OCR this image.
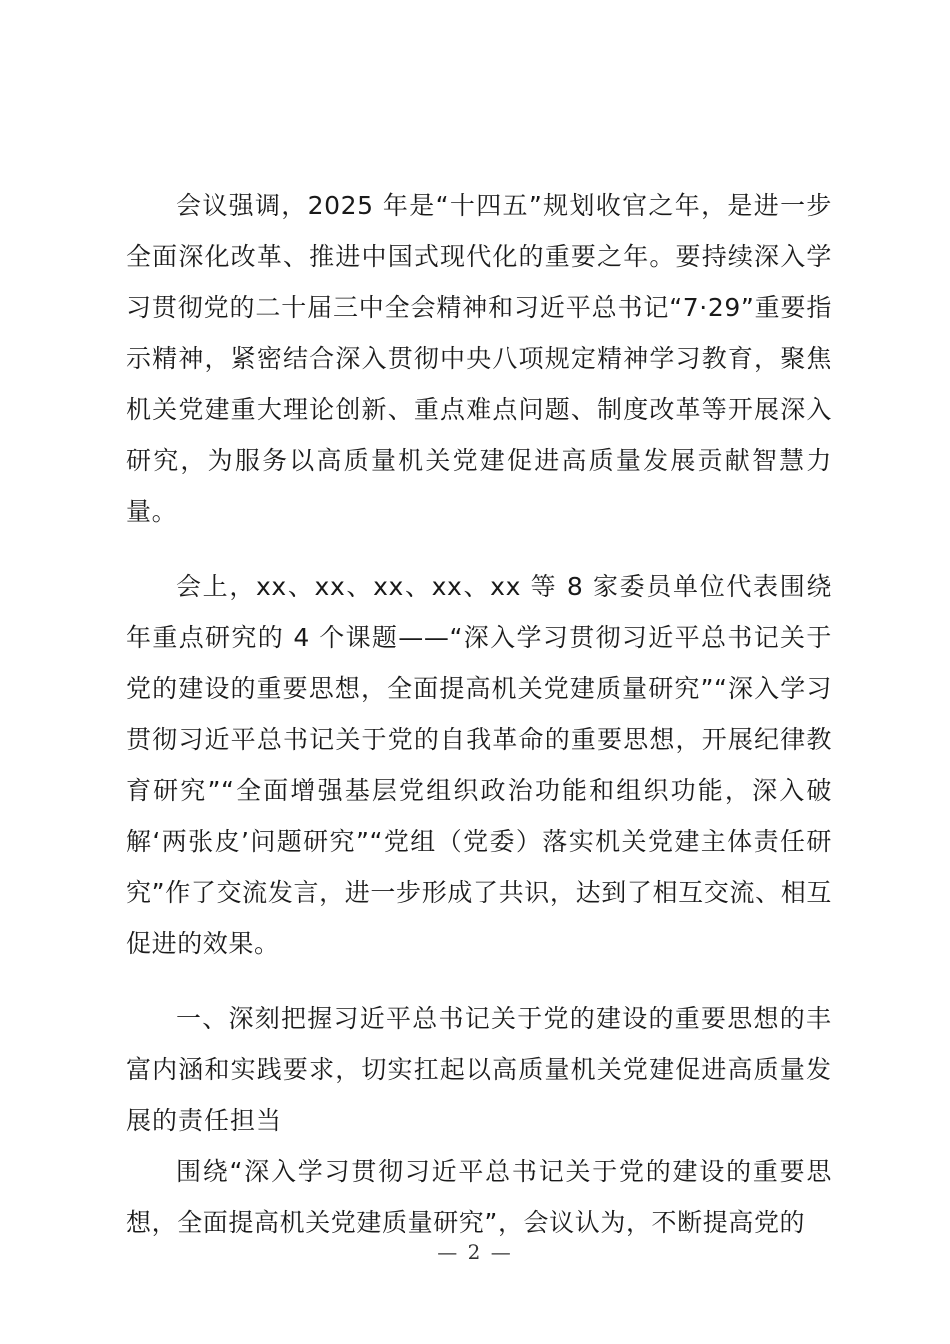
会议强调，2025 年是“十四五”规划收官之年，是进一步全面深化改革、推进中国式现代化的重要之年。要持续深入学习贯彻党的二十届三中全会精神和习近平总书记“7·29”重要指示精神，紧密结合深入贯彻中央八项规定精神学习教育，聚焦机关党建重大理论创新、重点难点问题、制度改革等开展深入研究，为服务以高质量机关党建促进高质量发展贡献智慧力量。

会上，xx、xx、xx、xx、xx 等 8 家委员单位代表围绕年重点研究的 4 个课题——“深入学习贯彻习近平总书记关于党的建设的重要思想，全面提高机关党建质量研究”“深入学习贯彻习近平总书记关于党的自我革命的重要思想，开展纪律教育研究”“全面增强基层党组织政治功能和组织功能，深入破解‘两张皮’问题研究”“党组（党委）落实机关党建主体责任研究”作了交流发言，进一步形成了共识，达到了相互交流、相互促进的效果。

一、深刻把握习近平总书记关于党的建设的重要思想的丰富内涵和实践要求，切实扛起以高质量机关党建促进高质量发展的责任担当

围绕“深入学习贯彻习近平总书记关于党的建设的重要思想，全面提高机关党建质量研究”，会议认为，不断提高党的

— 2 —
